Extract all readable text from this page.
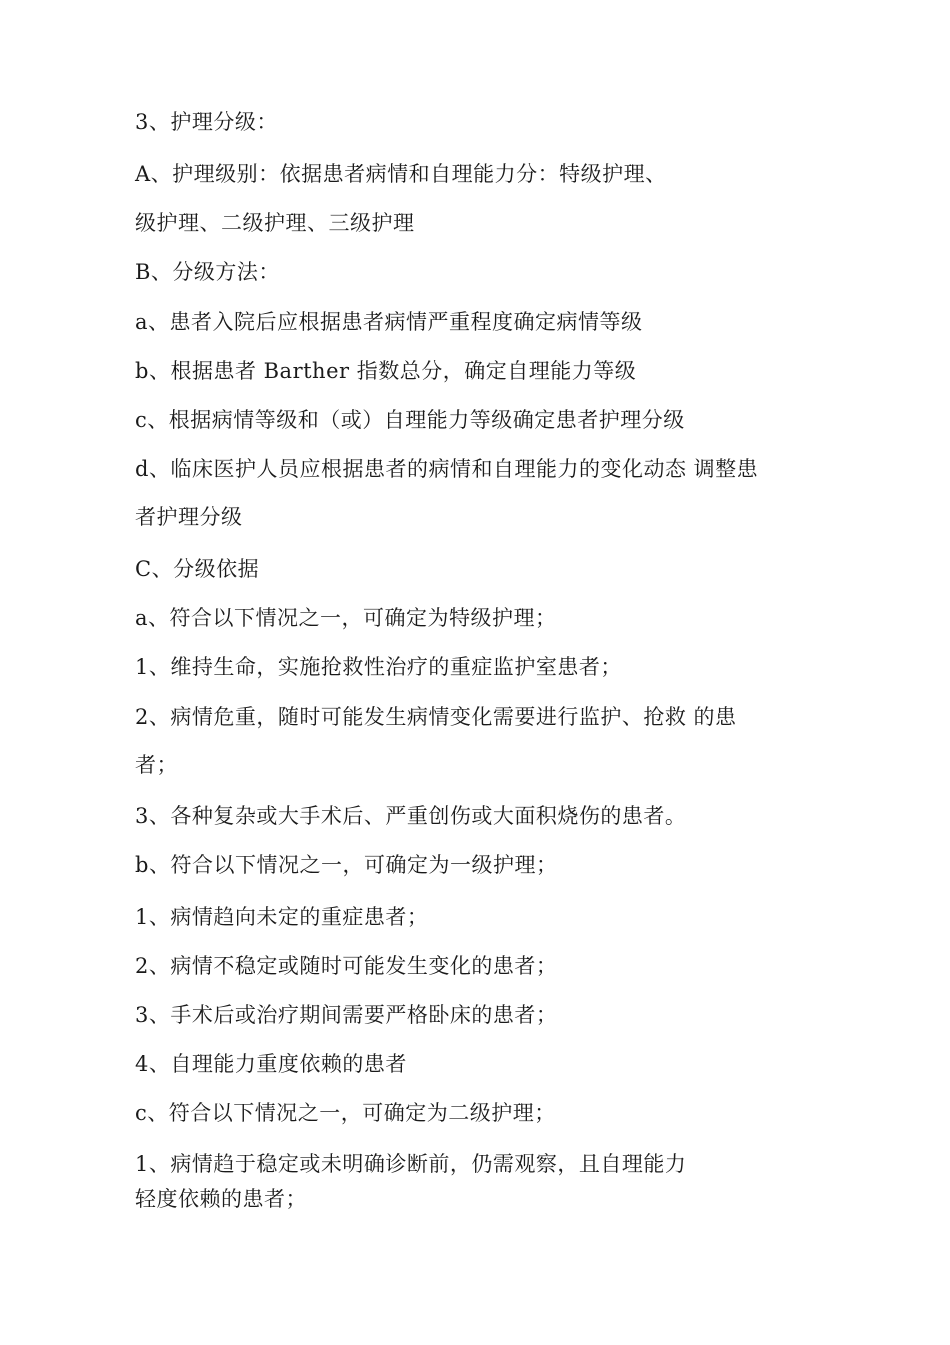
3、护理分级：

A、护理级别：依据患者病情和自理能力分：特级护理、

级护理、二级护理、三级护理

B、分级方法：

a、患者入院后应根据患者病情严重程度确定病情等级

b、根据患者 Barther 指数总分，确定自理能力等级

c、根据病情等级和（或）自理能力等级确定患者护理分级

d、临床医护人员应根据患者的病情和自理能力的变化动态 调整患

者护理分级

C、分级依据

a、符合以下情况之一，可确定为特级护理；

1、维持生命，实施抢救性治疗的重症监护室患者；

2、病情危重，随时可能发生病情变化需要进行监护、抢救 的患

者；

3、各种复杂或大手术后、严重创伤或大面积烧伤的患者。

b、符合以下情况之一，可确定为一级护理；

1、病情趋向未定的重症患者；

2、病情不稳定或随时可能发生变化的患者；

3、手术后或治疗期间需要严格卧床的患者；

4、自理能力重度依赖的患者

c、符合以下情况之一，可确定为二级护理；

1、病情趋于稳定或未明确诊断前，仍需观察，且自理能力

轻度依赖的患者；
